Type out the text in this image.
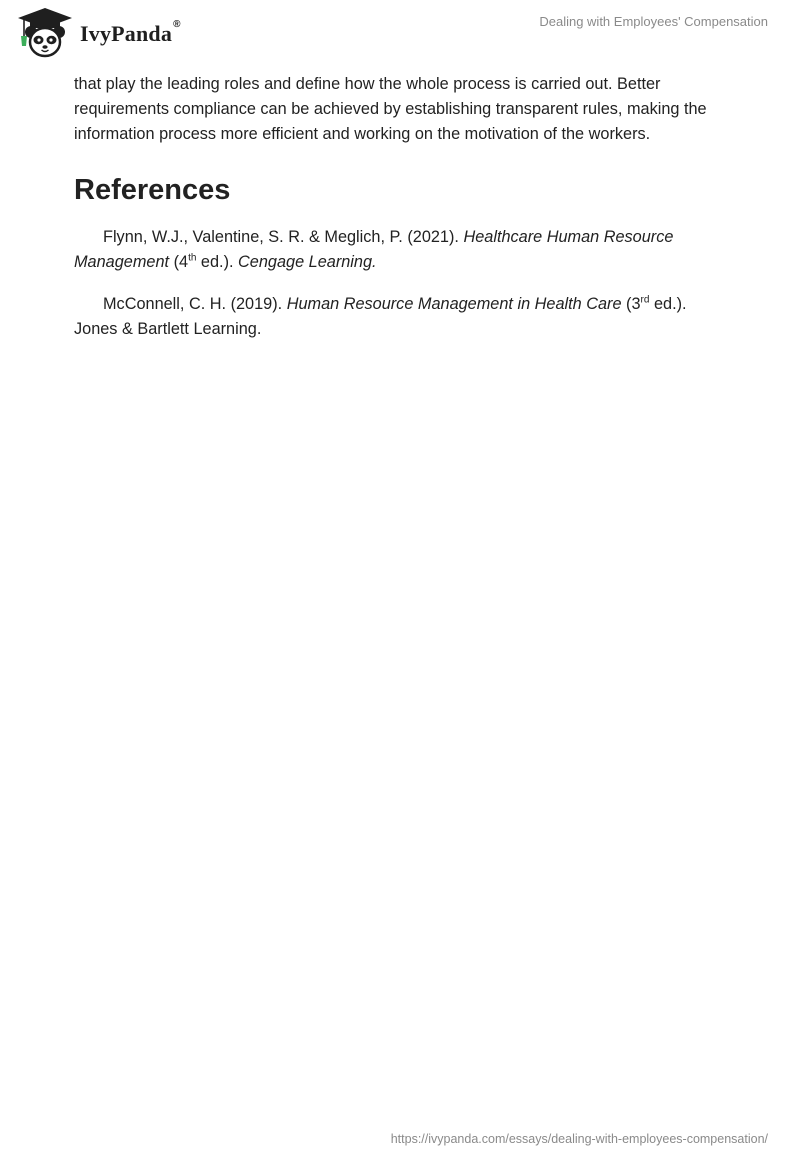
IvyPanda®	Dealing with Employees' Compensation

that play the leading roles and define how the whole process is carried out. Better requirements compliance can be achieved by establishing transparent rules, making the information process more efficient and working on the motivation of the workers.

References

Flynn, W.J., Valentine, S. R. & Meglich, P. (2021). Healthcare Human Resource Management (4th ed.). Cengage Learning.

McConnell, C. H. (2019). Human Resource Management in Health Care (3rd ed.). Jones & Bartlett Learning.

https://ivypanda.com/essays/dealing-with-employees-compensation/
